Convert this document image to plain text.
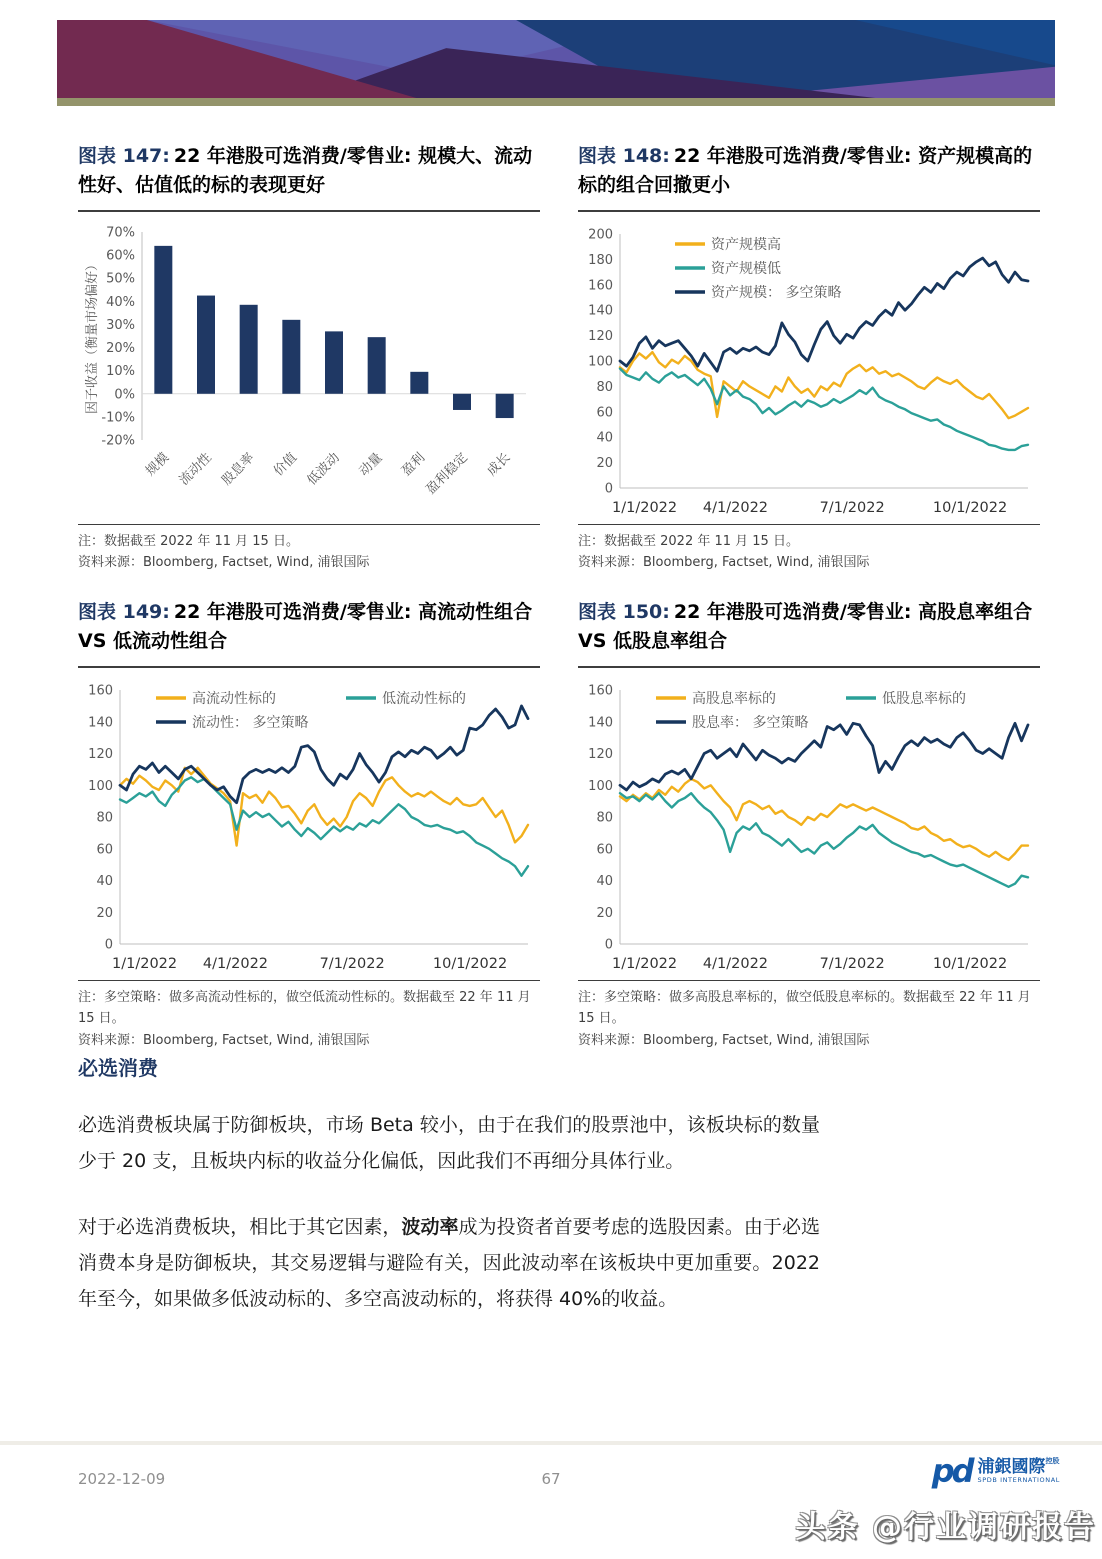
图表 147: 22 年港股可选消费/零售业: 规模大、流动性好、估值低的标的表现更好
-20%
-10%
0%
10%
20%
30%
40%
50%
60%
70%
因子收益（衡量市场偏好）
规模 流动性 股息率 价值 低波动 动量 盈利
盈利稳定 成长
注：数据截至 2022 年 11 月 15 日。
资料来源：Bloomberg, Factset, Wind, 浦银国际
图表 148: 22 年港股可选消费/零售业: 资产规模高的标的组合回撤更小
0
20
40
60
80
100
120
140
160
180
200
1/1/2022 4/1/2022	7/1/2022	10/1/2022
资产规模高
资产规模低
资产规模： 多空策略
注：数据截至 2022 年 11 月 15 日。
资料来源：Bloomberg, Factset, Wind, 浦银国际
图表 149: 22 年港股可选消费/零售业: 高流动性组合 VS 低流动性组合
0
20
40
60
80
100
120
140
160
1/1/2022 4/1/2022	7/1/2022	10/1/2022
高流动性标的	低流动性标的
流动性： 多空策略
注：多空策略：做多高流动性标的，做空低流动性标的。数据截至 22 年 11 月 15 日。
资料来源：Bloomberg, Factset, Wind, 浦银国际
图表 150: 22 年港股可选消费/零售业: 高股息率组合 VS 低股息率组合
0
20
40
60
80
100
120
140
160
1/1/2022 4/1/2022	7/1/2022	10/1/2022
高股息率标的	低股息率标的
股息率： 多空策略
注：多空策略：做多高股息率标的，做空低股息率标的。数据截至 22 年 11 月 15 日。
资料来源：Bloomberg, Factset, Wind, 浦银国际
必选消费

必选消费板块属于防御板块，市场 Beta 较小，由于在我们的股票池中，该板块标的数量少于 20 支，且板块内标的收益分化偏低，因此我们不再细分具体行业。

对于必选消费板块，相比于其它因素，波动率成为投资者首要考虑的选股因素。由于必选消费本身是防御板块，其交易逻辑与避险有关，因此波动率在该板块中更加重要。2022 年至今，如果做多低波动标的、多空高波动标的，将获得 40%的收益。

2022-12-09	67	pd 浦銀國際控股
SPDB INTERNATIONAL
头条 @行业调研报告
